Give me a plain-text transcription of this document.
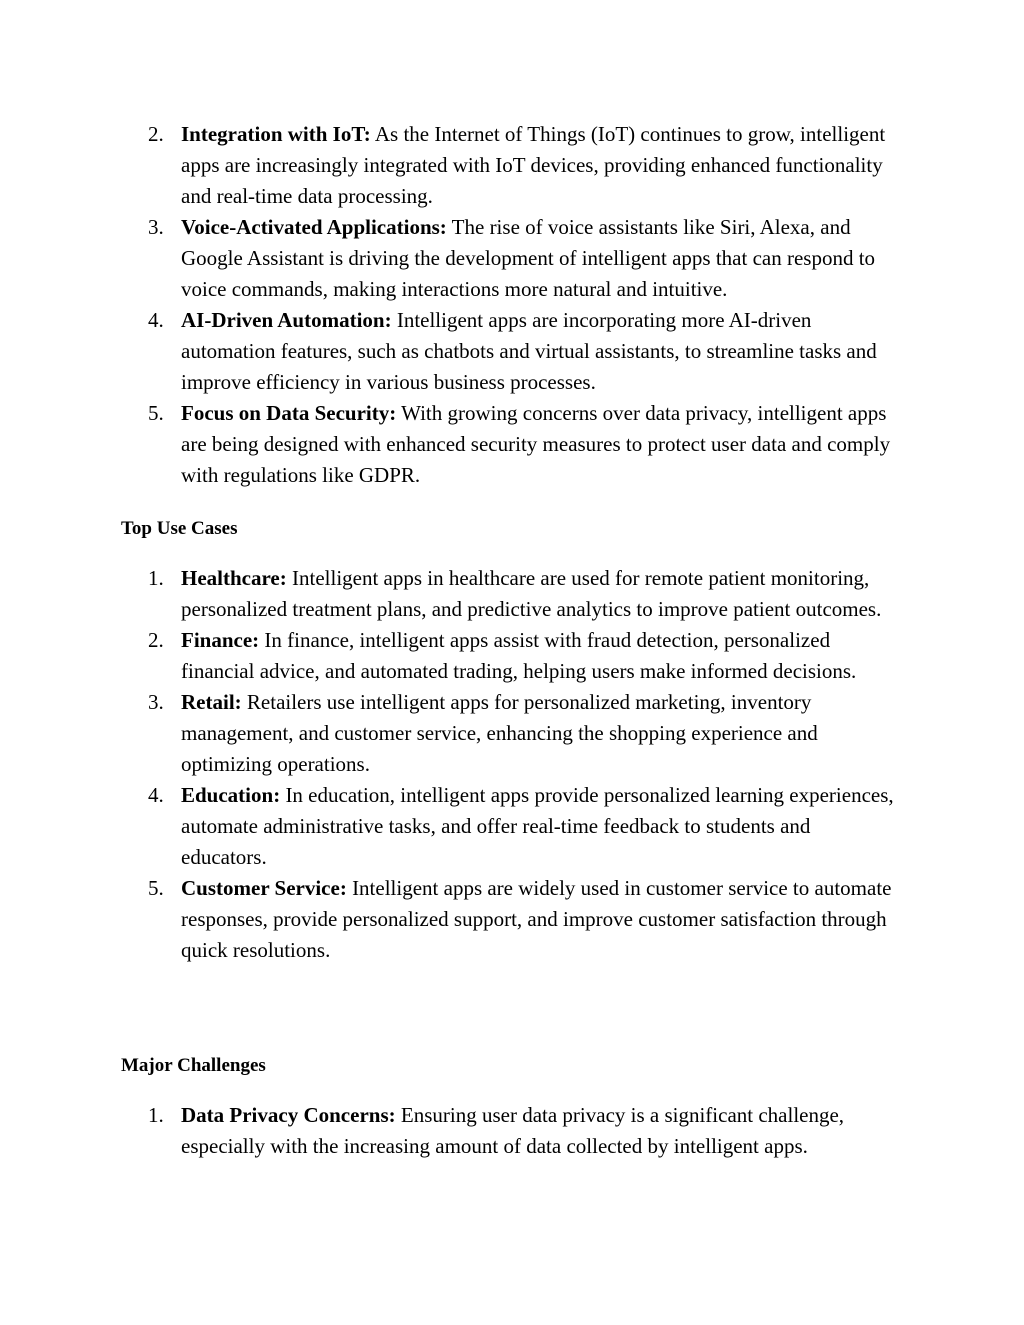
2. Integration with IoT: As the Internet of Things (IoT) continues to grow, intelligent apps are increasingly integrated with IoT devices, providing enhanced functionality and real-time data processing.
3. Voice-Activated Applications: The rise of voice assistants like Siri, Alexa, and Google Assistant is driving the development of intelligent apps that can respond to voice commands, making interactions more natural and intuitive.
4. AI-Driven Automation: Intelligent apps are incorporating more AI-driven automation features, such as chatbots and virtual assistants, to streamline tasks and improve efficiency in various business processes.
5. Focus on Data Security: With growing concerns over data privacy, intelligent apps are being designed with enhanced security measures to protect user data and comply with regulations like GDPR.
Top Use Cases
1. Healthcare: Intelligent apps in healthcare are used for remote patient monitoring, personalized treatment plans, and predictive analytics to improve patient outcomes.
2. Finance: In finance, intelligent apps assist with fraud detection, personalized financial advice, and automated trading, helping users make informed decisions.
3. Retail: Retailers use intelligent apps for personalized marketing, inventory management, and customer service, enhancing the shopping experience and optimizing operations.
4. Education: In education, intelligent apps provide personalized learning experiences, automate administrative tasks, and offer real-time feedback to students and educators.
5. Customer Service: Intelligent apps are widely used in customer service to automate responses, provide personalized support, and improve customer satisfaction through quick resolutions.
Major Challenges
1. Data Privacy Concerns: Ensuring user data privacy is a significant challenge, especially with the increasing amount of data collected by intelligent apps.
